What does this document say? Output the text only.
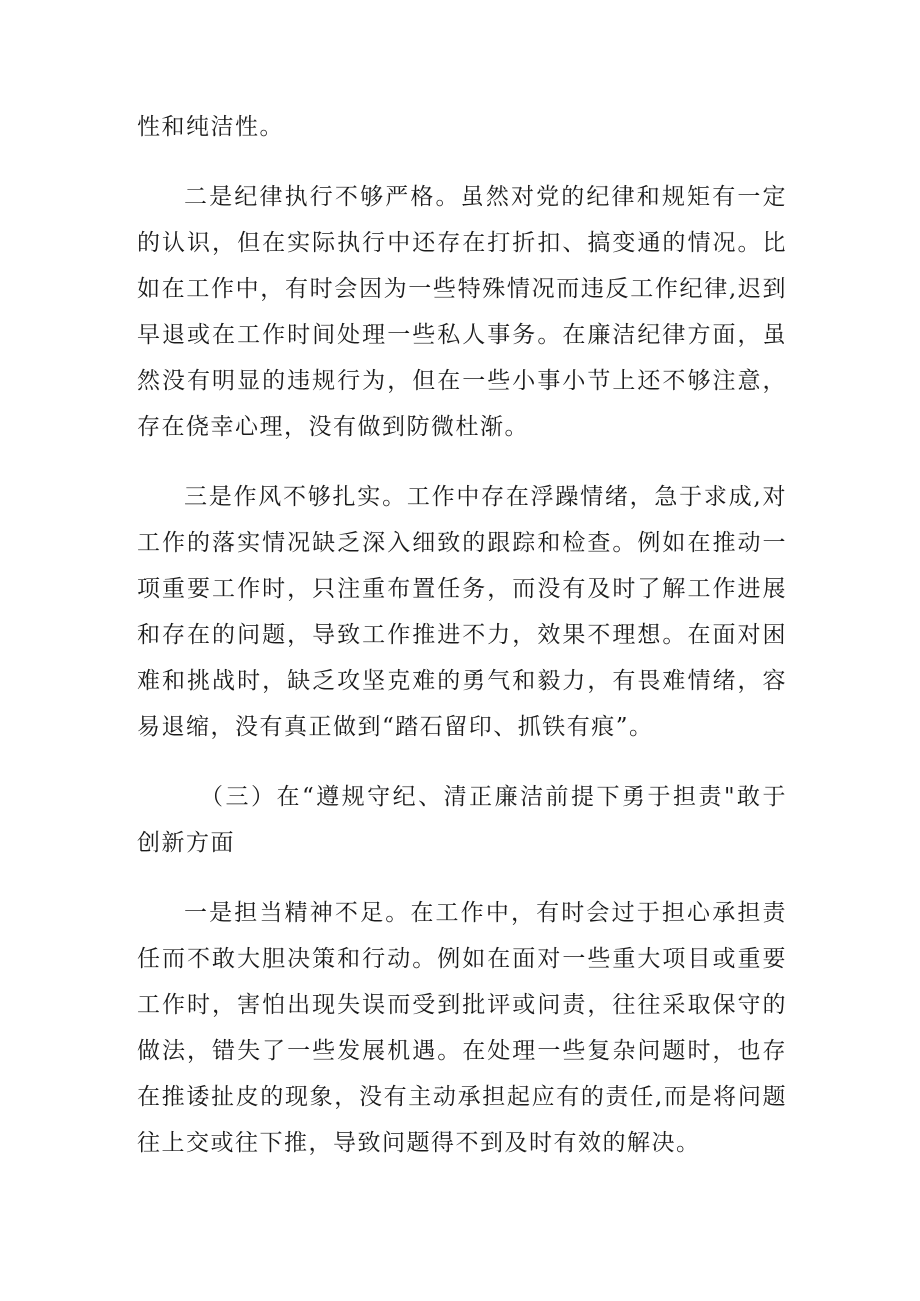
性和纯洁性。

二是纪律执行不够严格。虽然对党的纪律和规矩有一定的认识，但在实际执行中还存在打折扣、搞变通的情况。比如在工作中，有时会因为一些特殊情况而违反工作纪律,迟到早退或在工作时间处理一些私人事务。在廉洁纪律方面，虽然没有明显的违规行为，但在一些小事小节上还不够注意，存在侥幸心理，没有做到防微杜渐。

三是作风不够扎实。工作中存在浮躁情绪，急于求成,对工作的落实情况缺乏深入细致的跟踪和检查。例如在推动一项重要工作时，只注重布置任务，而没有及时了解工作进展和存在的问题，导致工作推进不力，效果不理想。在面对困难和挑战时，缺乏攻坚克难的勇气和毅力，有畏难情绪，容易退缩，没有真正做到“踏石留印、抓铁有痕”。

（三）在“遵规守纪、清正廉洁前提下勇于担责"敢于创新方面

一是担当精神不足。在工作中，有时会过于担心承担责任而不敢大胆决策和行动。例如在面对一些重大项目或重要工作时，害怕出现失误而受到批评或问责，往往采取保守的做法，错失了一些发展机遇。在处理一些复杂问题时，也存在推诿扯皮的现象，没有主动承担起应有的责任,而是将问题往上交或往下推，导致问题得不到及时有效的解决。
